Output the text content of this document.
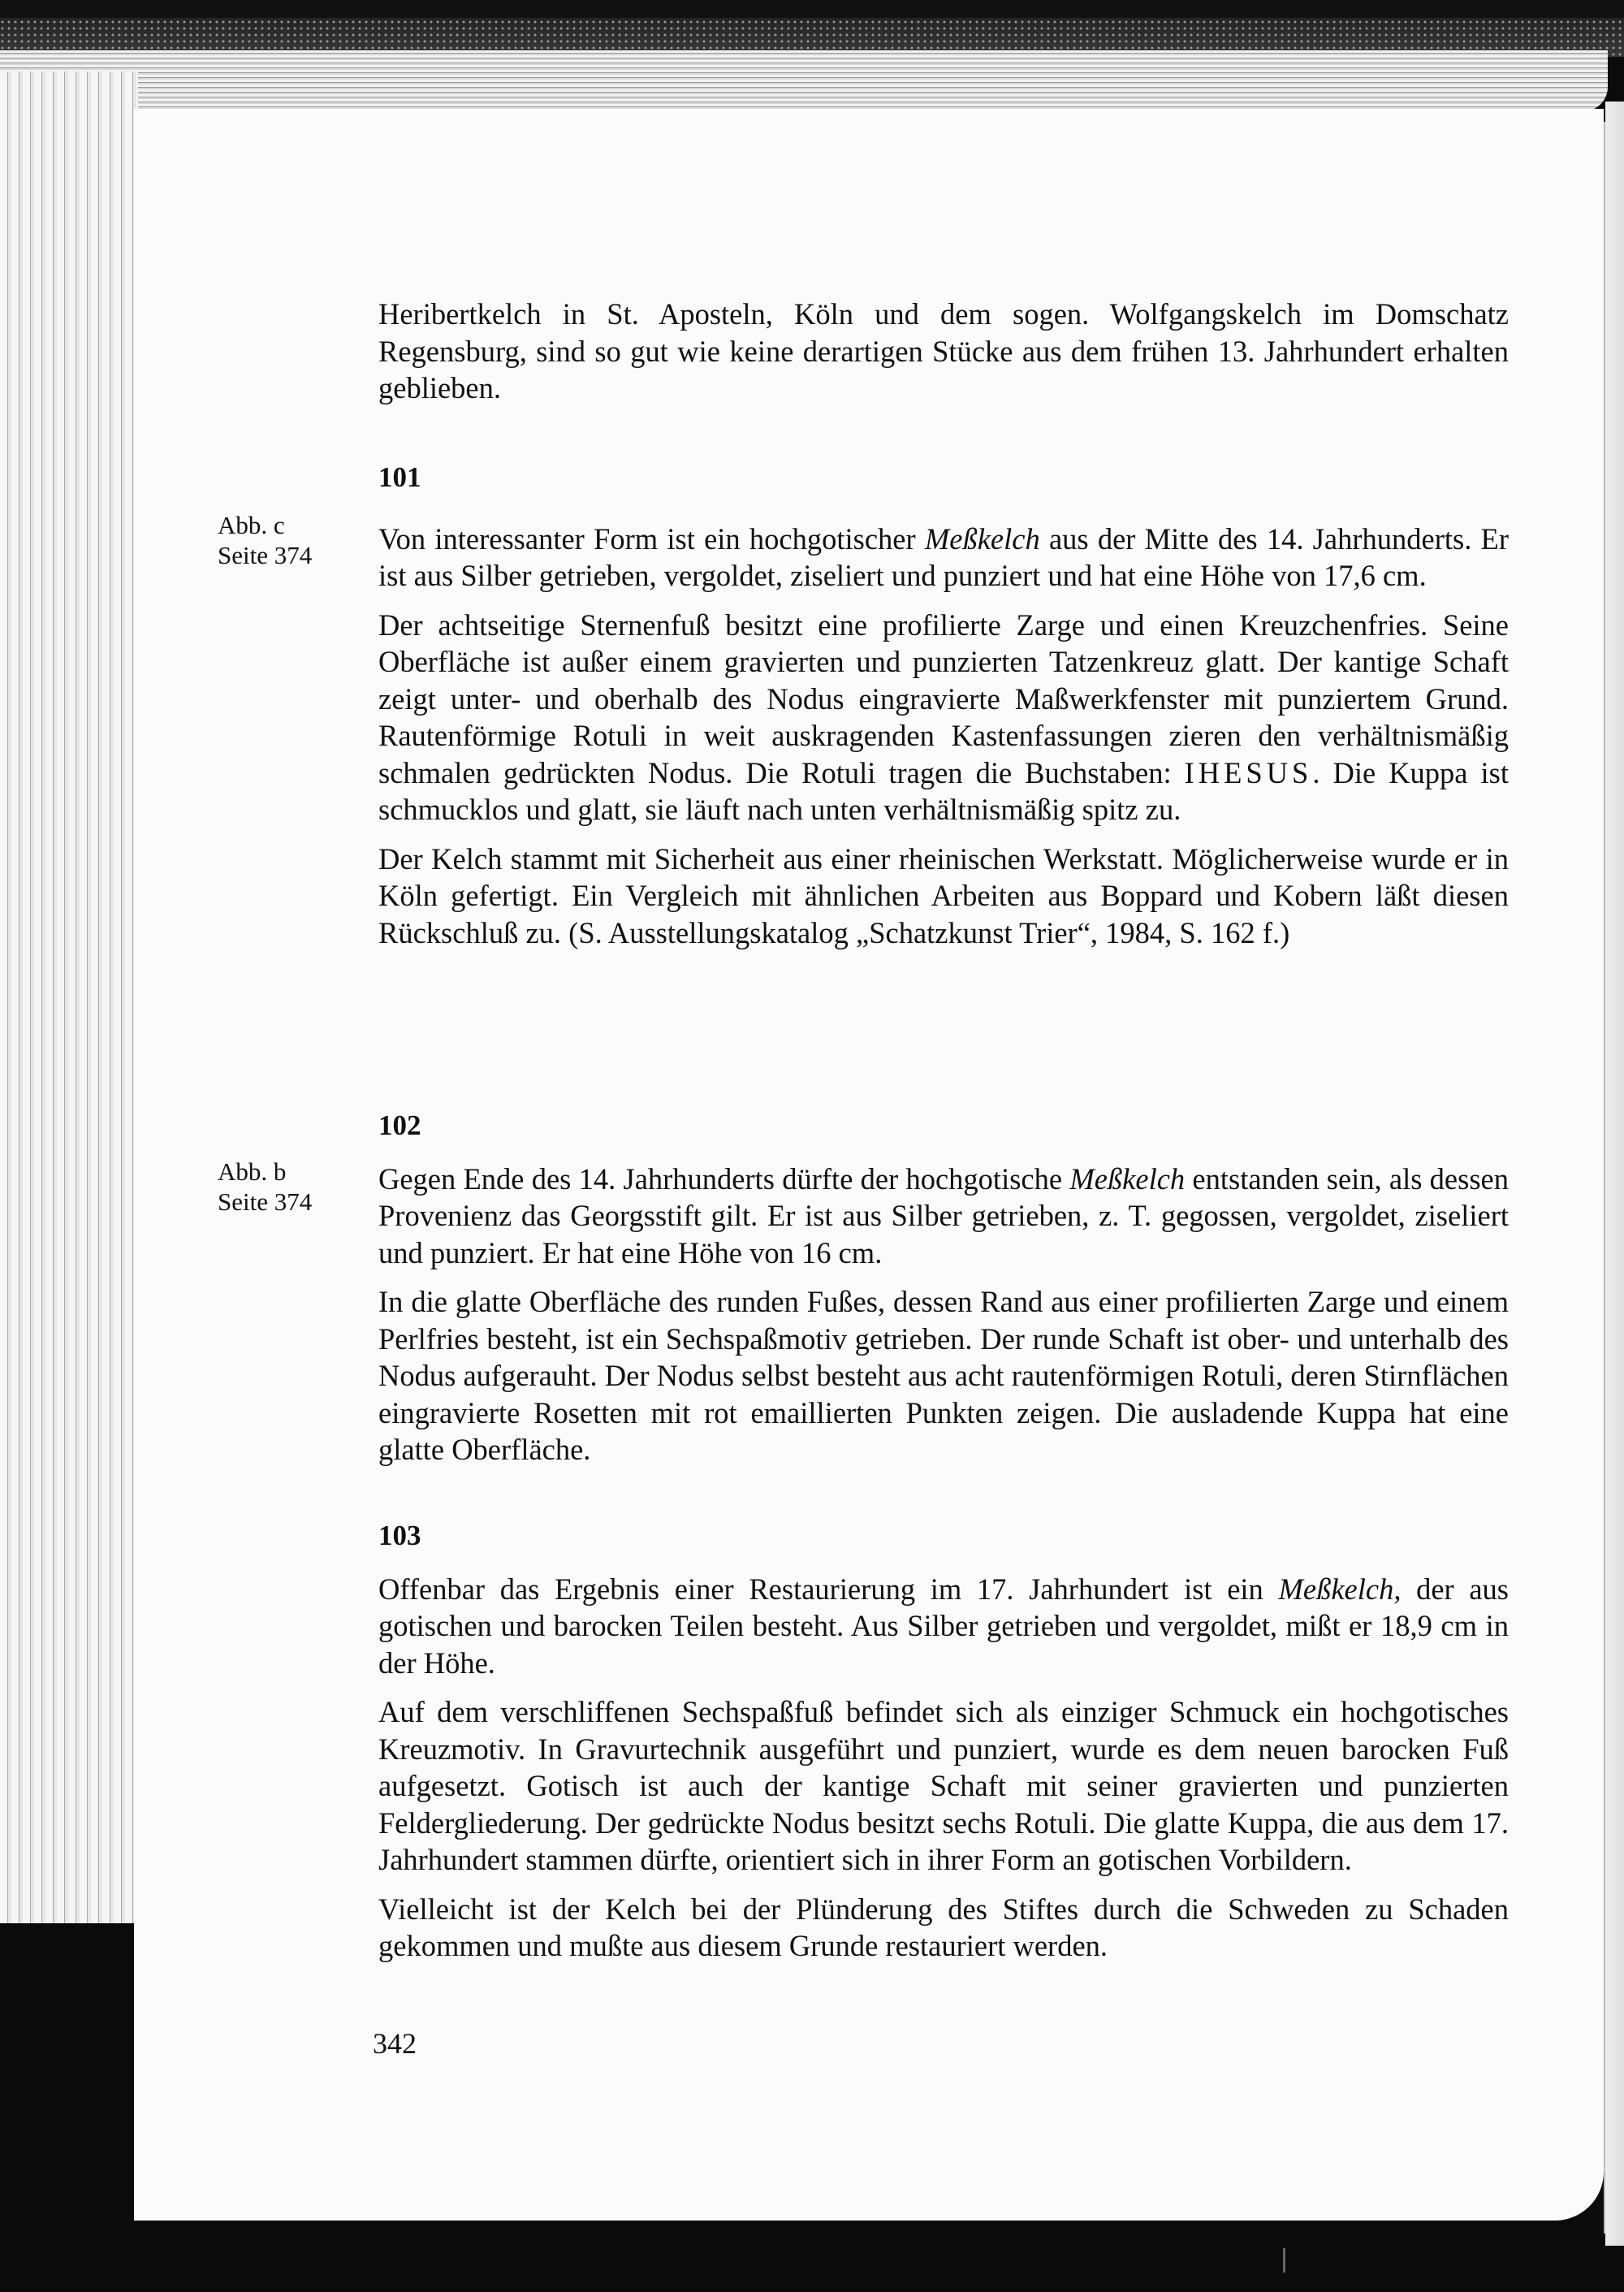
Abb. c
Seite 374
Abb. b
Seite 374

Heribertkelch in St. Aposteln, Köln und dem sogen. Wolfgangskelch im Domschatz Regensburg, sind so gut wie keine derartigen Stücke aus dem frühen 13. Jahrhundert erhalten geblieben.

101

Von interessanter Form ist ein hochgotischer Meßkelch aus der Mitte des 14. Jahrhunderts. Er ist aus Silber getrieben, vergoldet, ziseliert und punziert und hat eine Höhe von 17,6 cm.

Der achtseitige Sternenfuß besitzt eine profilierte Zarge und einen Kreuzchenfries. Seine Oberfläche ist außer einem gravierten und punzierten Tatzenkreuz glatt. Der kantige Schaft zeigt unter- und oberhalb des Nodus eingravierte Maßwerkfenster mit punziertem Grund. Rautenförmige Rotuli in weit auskragenden Kastenfassungen zieren den verhältnismäßig schmalen gedrückten Nodus. Die Rotuli tragen die Buchstaben: IHESUS. Die Kuppa ist schmucklos und glatt, sie läuft nach unten verhältnismäßig spitz zu.

Der Kelch stammt mit Sicherheit aus einer rheinischen Werkstatt. Möglicherweise wurde er in Köln gefertigt. Ein Vergleich mit ähnlichen Arbeiten aus Boppard und Kobern läßt diesen Rückschluß zu. (S. Ausstellungskatalog „Schatzkunst Trier“, 1984, S. 162 f.)

102

Gegen Ende des 14. Jahrhunderts dürfte der hochgotische Meßkelch entstanden sein, als dessen Provenienz das Georgsstift gilt. Er ist aus Silber getrieben, z. T. gegossen, vergoldet, ziseliert und punziert. Er hat eine Höhe von 16 cm.

In die glatte Oberfläche des runden Fußes, dessen Rand aus einer profilierten Zarge und einem Perlfries besteht, ist ein Sechspaßmotiv getrieben. Der runde Schaft ist ober- und unterhalb des Nodus aufgerauht. Der Nodus selbst besteht aus acht rautenförmigen Rotuli, deren Stirnflächen eingravierte Rosetten mit rot emaillierten Punkten zeigen. Die ausladende Kuppa hat eine glatte Oberfläche.

103

Offenbar das Ergebnis einer Restaurierung im 17. Jahrhundert ist ein Meßkelch, der aus gotischen und barocken Teilen besteht. Aus Silber getrieben und vergoldet, mißt er 18,9 cm in der Höhe.

Auf dem verschliffenen Sechspaßfuß befindet sich als einziger Schmuck ein hochgotisches Kreuzmotiv. In Gravurtechnik ausgeführt und punziert, wurde es dem neuen barocken Fuß aufgesetzt. Gotisch ist auch der kantige Schaft mit seiner gravierten und punzierten Feldergliederung. Der gedrückte Nodus besitzt sechs Rotuli. Die glatte Kuppa, die aus dem 17. Jahrhundert stammen dürfte, orientiert sich in ihrer Form an gotischen Vorbildern.

Vielleicht ist der Kelch bei der Plünderung des Stiftes durch die Schweden zu Schaden gekommen und mußte aus diesem Grunde restauriert werden.

342
